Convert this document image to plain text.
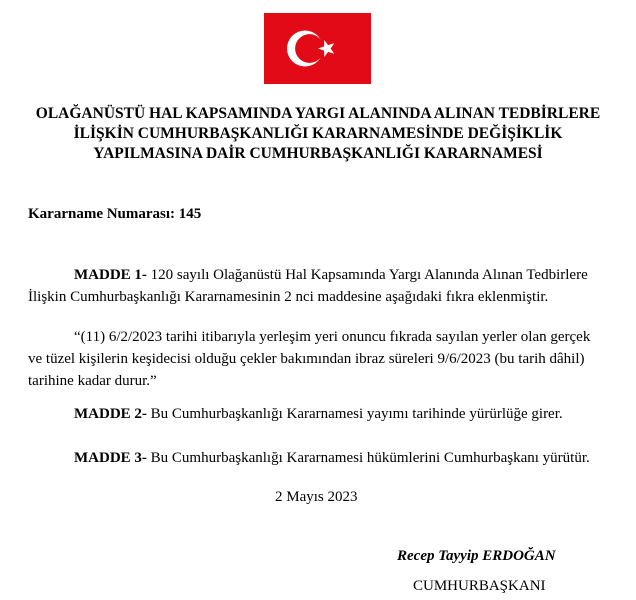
OLAĞANÜSTÜ HAL KAPSAMINDA YARGI ALANINDA ALINAN TEDBİRLERE
İLİŞKİN CUMHURBAŞKANLIĞI KARARNAMESİNDE DEĞİŞİKLİK
YAPILMASINA DAİR CUMHURBAŞKANLIĞI KARARNAMESİ
Kararname Numarası: 145
MADDE 1- 120 sayılı Olağanüstü Hal Kapsamında Yargı Alanında Alınan Tedbirlere
İlişkin Cumhurbaşkanlığı Kararnamesinin 2 nci maddesine aşağıdaki fıkra eklenmiştir.
“(11) 6/2/2023 tarihi itibarıyla yerleşim yeri onuncu fıkrada sayılan yerler olan gerçek
ve tüzel kişilerin keşidecisi olduğu çekler bakımından ibraz süreleri 9/6/2023 (bu tarih dâhil)
tarihine kadar durur.”
MADDE 2- Bu Cumhurbaşkanlığı Kararnamesi yayımı tarihinde yürürlüğe girer.
MADDE 3- Bu Cumhurbaşkanlığı Kararnamesi hükümlerini Cumhurbaşkanı yürütür.
2 Mayıs 2023
Recep Tayyip ERDOĞAN
CUMHURBAŞKANI
